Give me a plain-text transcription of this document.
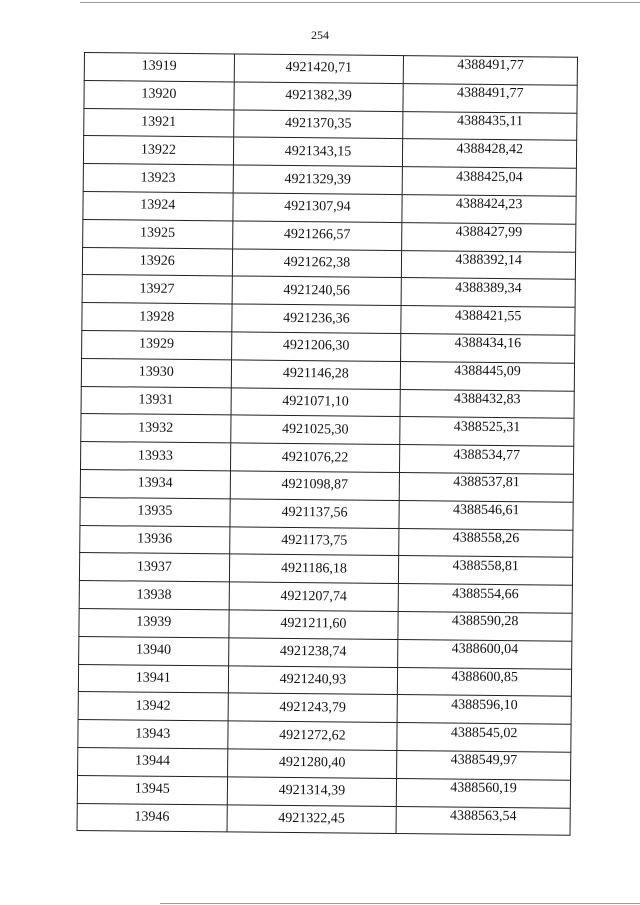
254
13919	4921420,71	4388491,77
13920	4921382,39	4388491,77
13921	4921370,35	4388435,11
13922	4921343,15	4388428,42
13923	4921329,39	4388425,04
13924	4921307,94	4388424,23
13925	4921266,57	4388427,99
13926	4921262,38	4388392,14
13927	4921240,56	4388389,34
13928	4921236,36	4388421,55
13929	4921206,30	4388434,16
13930	4921146,28	4388445,09
13931	4921071,10	4388432,83
13932	4921025,30	4388525,31
13933	4921076,22	4388534,77
13934	4921098,87	4388537,81
13935	4921137,56	4388546,61
13936	4921173,75	4388558,26
13937	4921186,18	4388558,81
13938	4921207,74	4388554,66
13939	4921211,60	4388590,28
13940	4921238,74	4388600,04
13941	4921240,93	4388600,85
13942	4921243,79	4388596,10
13943	4921272,62	4388545,02
13944	4921280,40	4388549,97
13945	4921314,39	4388560,19
13946	4921322,45	4388563,54
